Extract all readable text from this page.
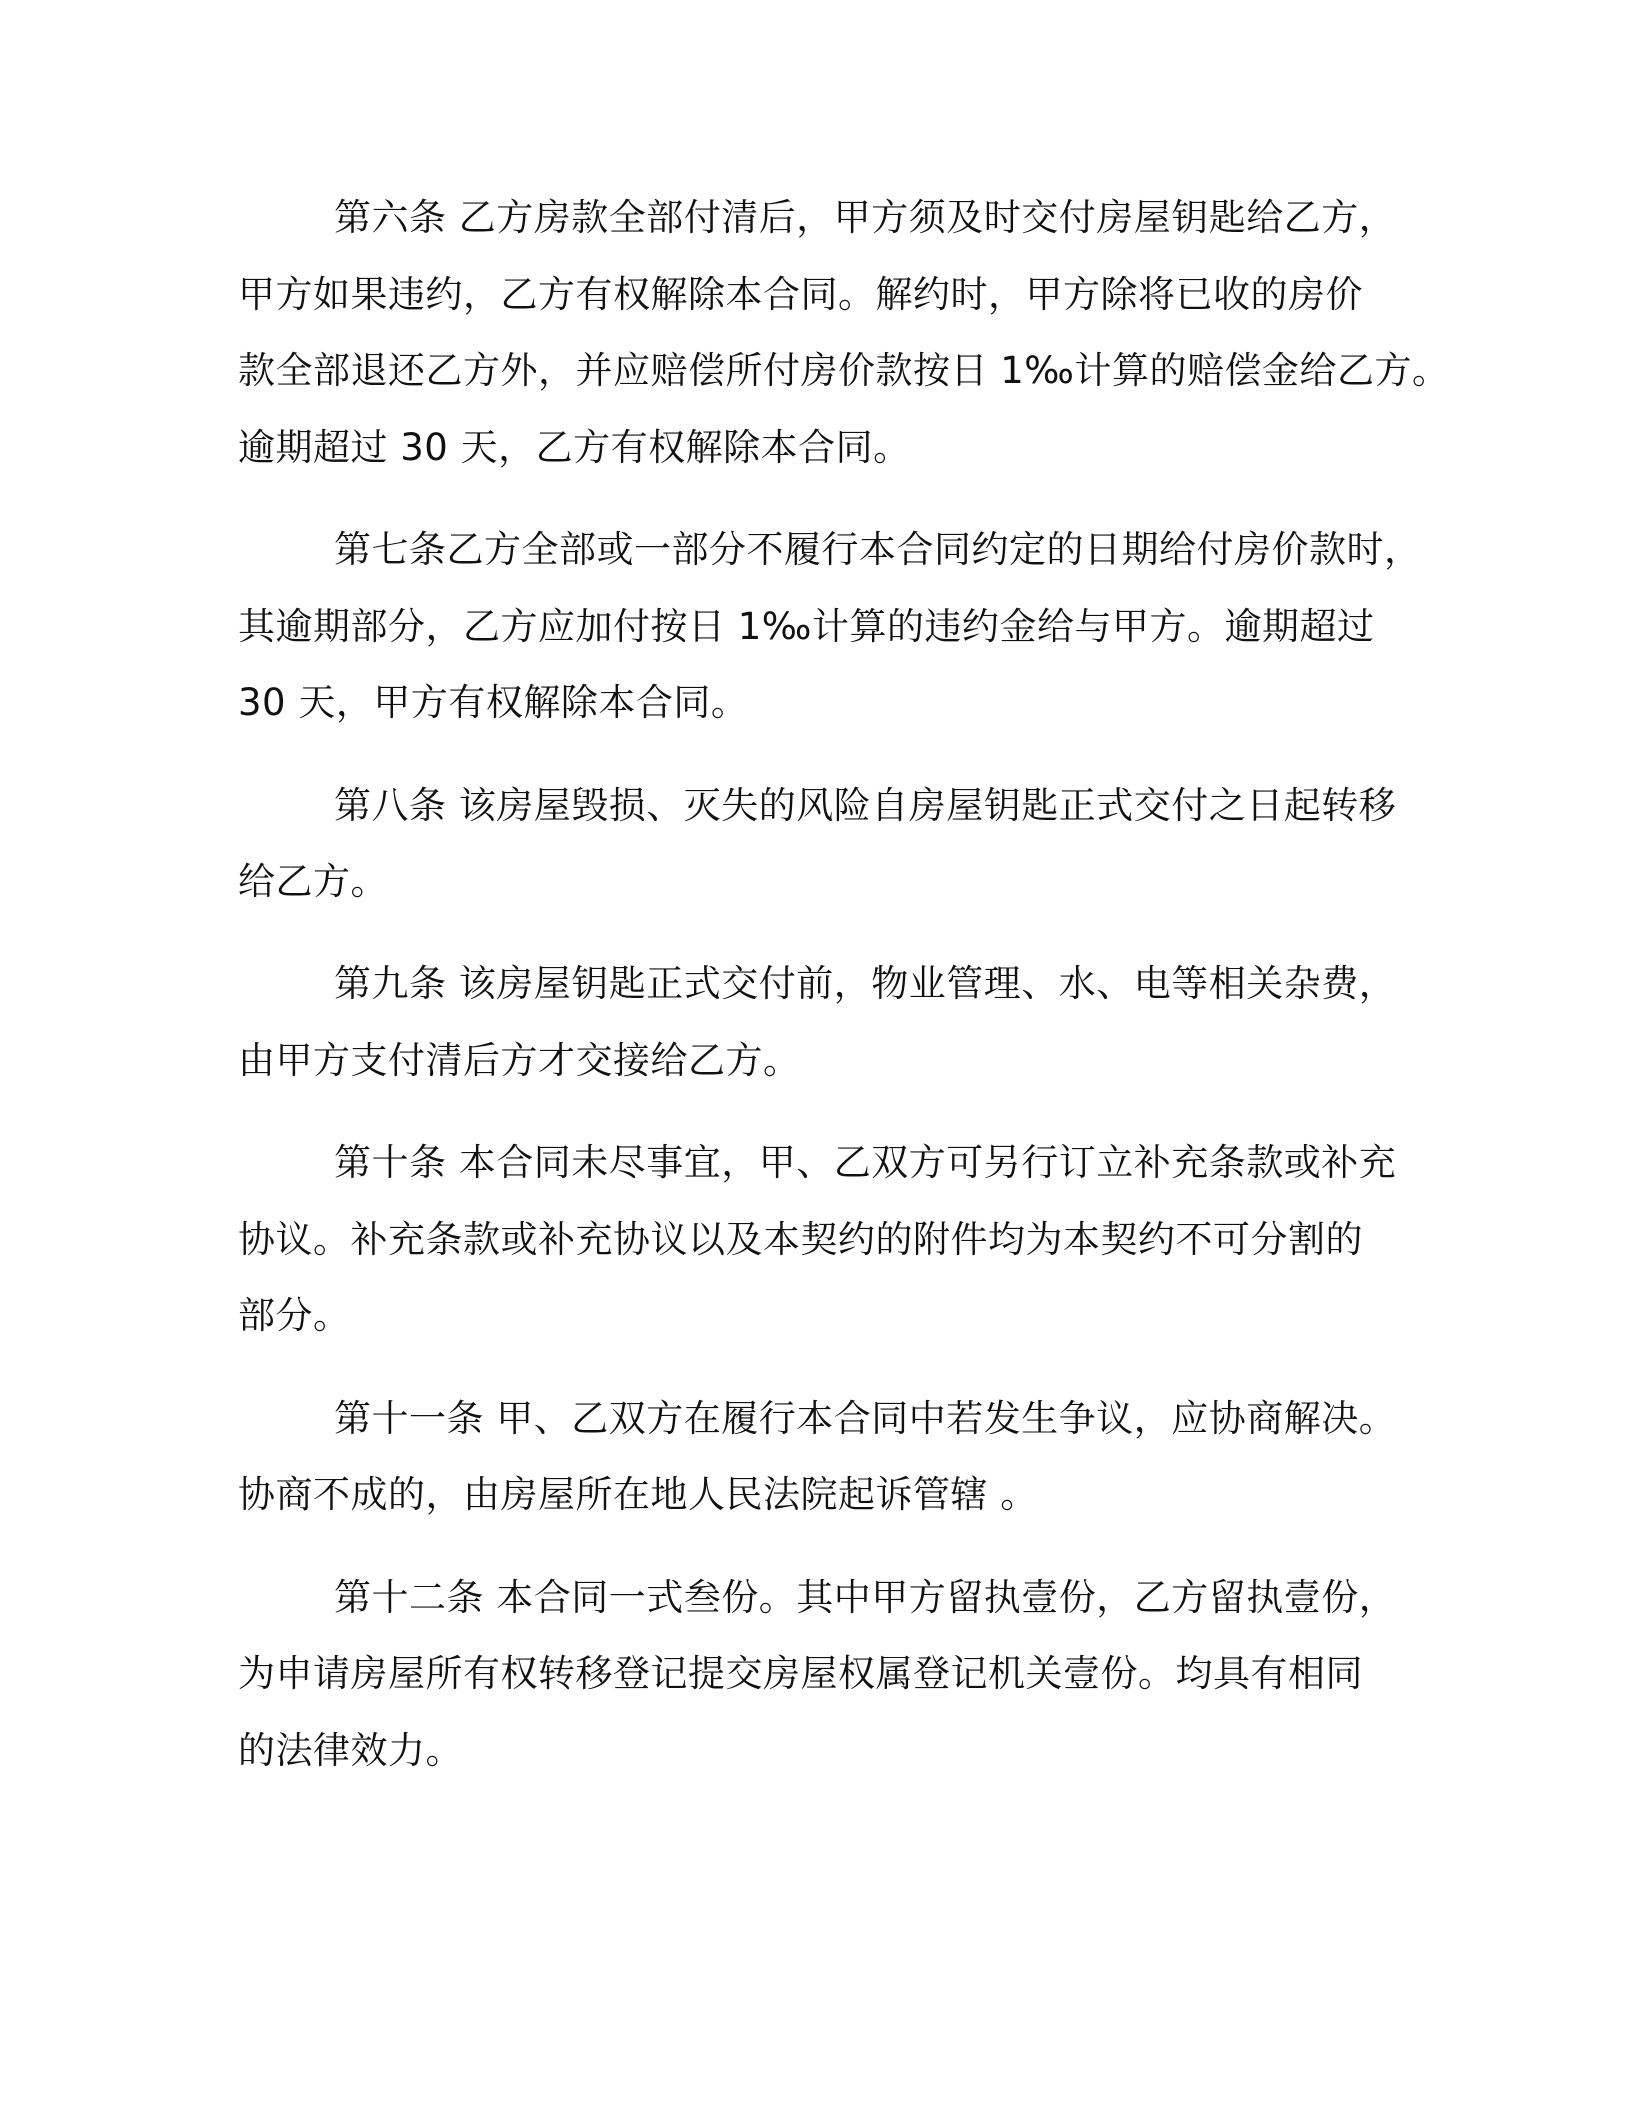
第六条 乙方房款全部付清后，甲方须及时交付房屋钥匙给乙方，

甲方如果违约，乙方有权解除本合同。解约时，甲方除将已收的房价

款全部退还乙方外，并应赔偿所付房价款按日 1‰计算的赔偿金给乙方。

逾期超过 30 天，乙方有权解除本合同。

第七条乙方全部或一部分不履行本合同约定的日期给付房价款时，

其逾期部分，乙方应加付按日 1‰计算的违约金给与甲方。逾期超过

30 天，甲方有权解除本合同。

第八条 该房屋毁损、灭失的风险自房屋钥匙正式交付之日起转移

给乙方。

第九条 该房屋钥匙正式交付前，物业管理、水、电等相关杂费，

由甲方支付清后方才交接给乙方。

第十条 本合同未尽事宜，甲、乙双方可另行订立补充条款或补充

协议。补充条款或补充协议以及本契约的附件均为本契约不可分割的

部分。

第十一条 甲、乙双方在履行本合同中若发生争议，应协商解决。

协商不成的，由房屋所在地人民法院起诉管辖 。

第十二条 本合同一式叁份。其中甲方留执壹份，乙方留执壹份，

为申请房屋所有权转移登记提交房屋权属登记机关壹份。均具有相同

的法律效力。
